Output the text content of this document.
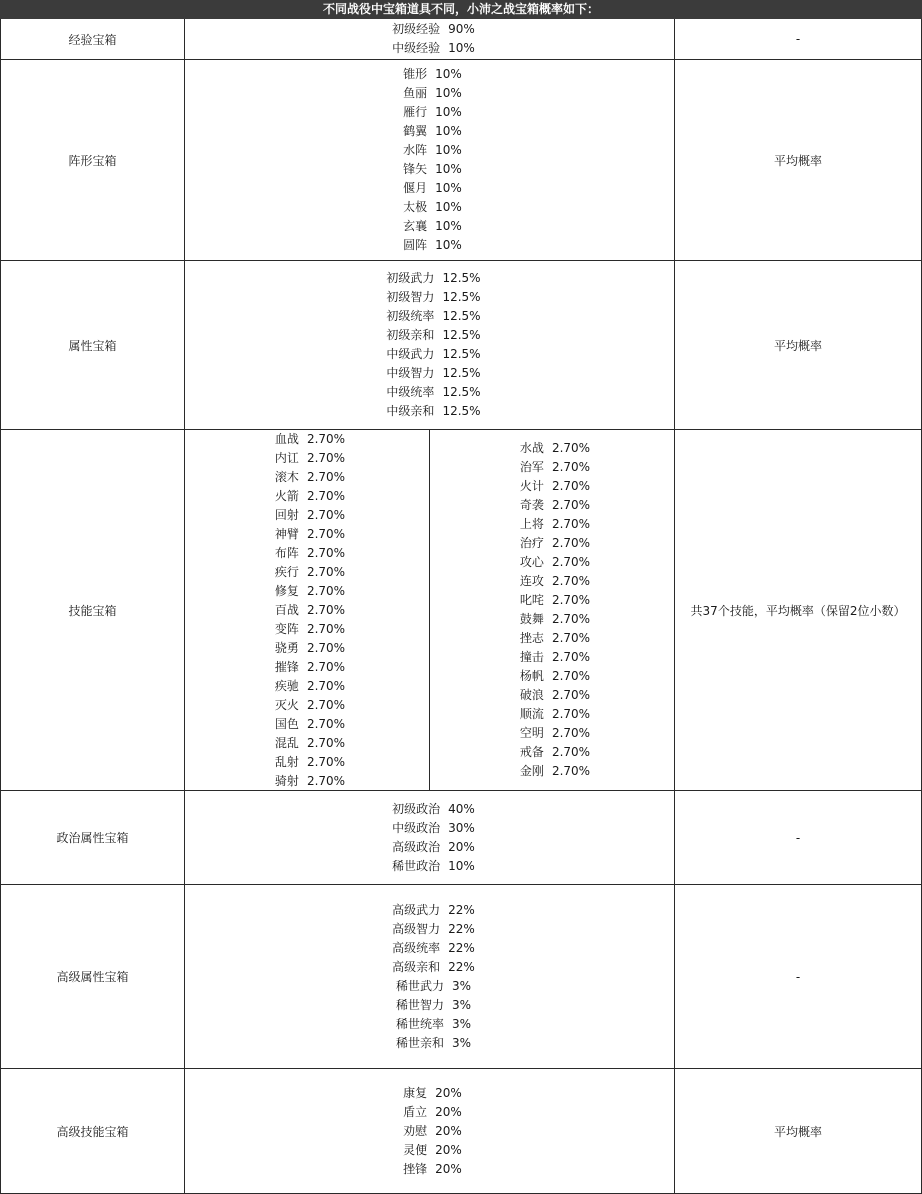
不同战役中宝箱道具不同，小沛之战宝箱概率如下：
经验宝箱
初级经验 90%
中级经验 10%
-
阵形宝箱
锥形 10%
鱼丽 10%
雁行 10%
鹤翼 10%
水阵 10%
锋矢 10%
偃月 10%
太极 10%
玄襄 10%
圆阵 10%
平均概率
属性宝箱
初级武力 12.5%
初级智力 12.5%
初级统率 12.5%
初级亲和 12.5%
中级武力 12.5%
中级智力 12.5%
中级统率 12.5%
中级亲和 12.5%
平均概率
技能宝箱
血战 2.70%
内讧 2.70%
滚木 2.70%
火箭 2.70%
回射 2.70%
神臂 2.70%
布阵 2.70%
疾行 2.70%
修复 2.70%
百战 2.70%
变阵 2.70%
骁勇 2.70%
摧锋 2.70%
疾驰 2.70%
灭火 2.70%
国色 2.70%
混乱 2.70%
乱射 2.70%
骑射 2.70%
水战 2.70%
治军 2.70%
火计 2.70%
奇袭 2.70%
上将 2.70%
治疗 2.70%
攻心 2.70%
连攻 2.70%
叱咤 2.70%
鼓舞 2.70%
挫志 2.70%
撞击 2.70%
杨帆 2.70%
破浪 2.70%
顺流 2.70%
空明 2.70%
戒备 2.70%
金刚 2.70%
共37个技能，平均概率（保留2位小数）
政治属性宝箱
初级政治 40%
中级政治 30%
高级政治 20%
稀世政治 10%
-
高级属性宝箱
高级武力 22%
高级智力 22%
高级统率 22%
高级亲和 22%
稀世武力 3%
稀世智力 3%
稀世统率 3%
稀世亲和 3%
-
高级技能宝箱
康复 20%
盾立 20%
劝慰 20%
灵便 20%
挫锋 20%
平均概率
